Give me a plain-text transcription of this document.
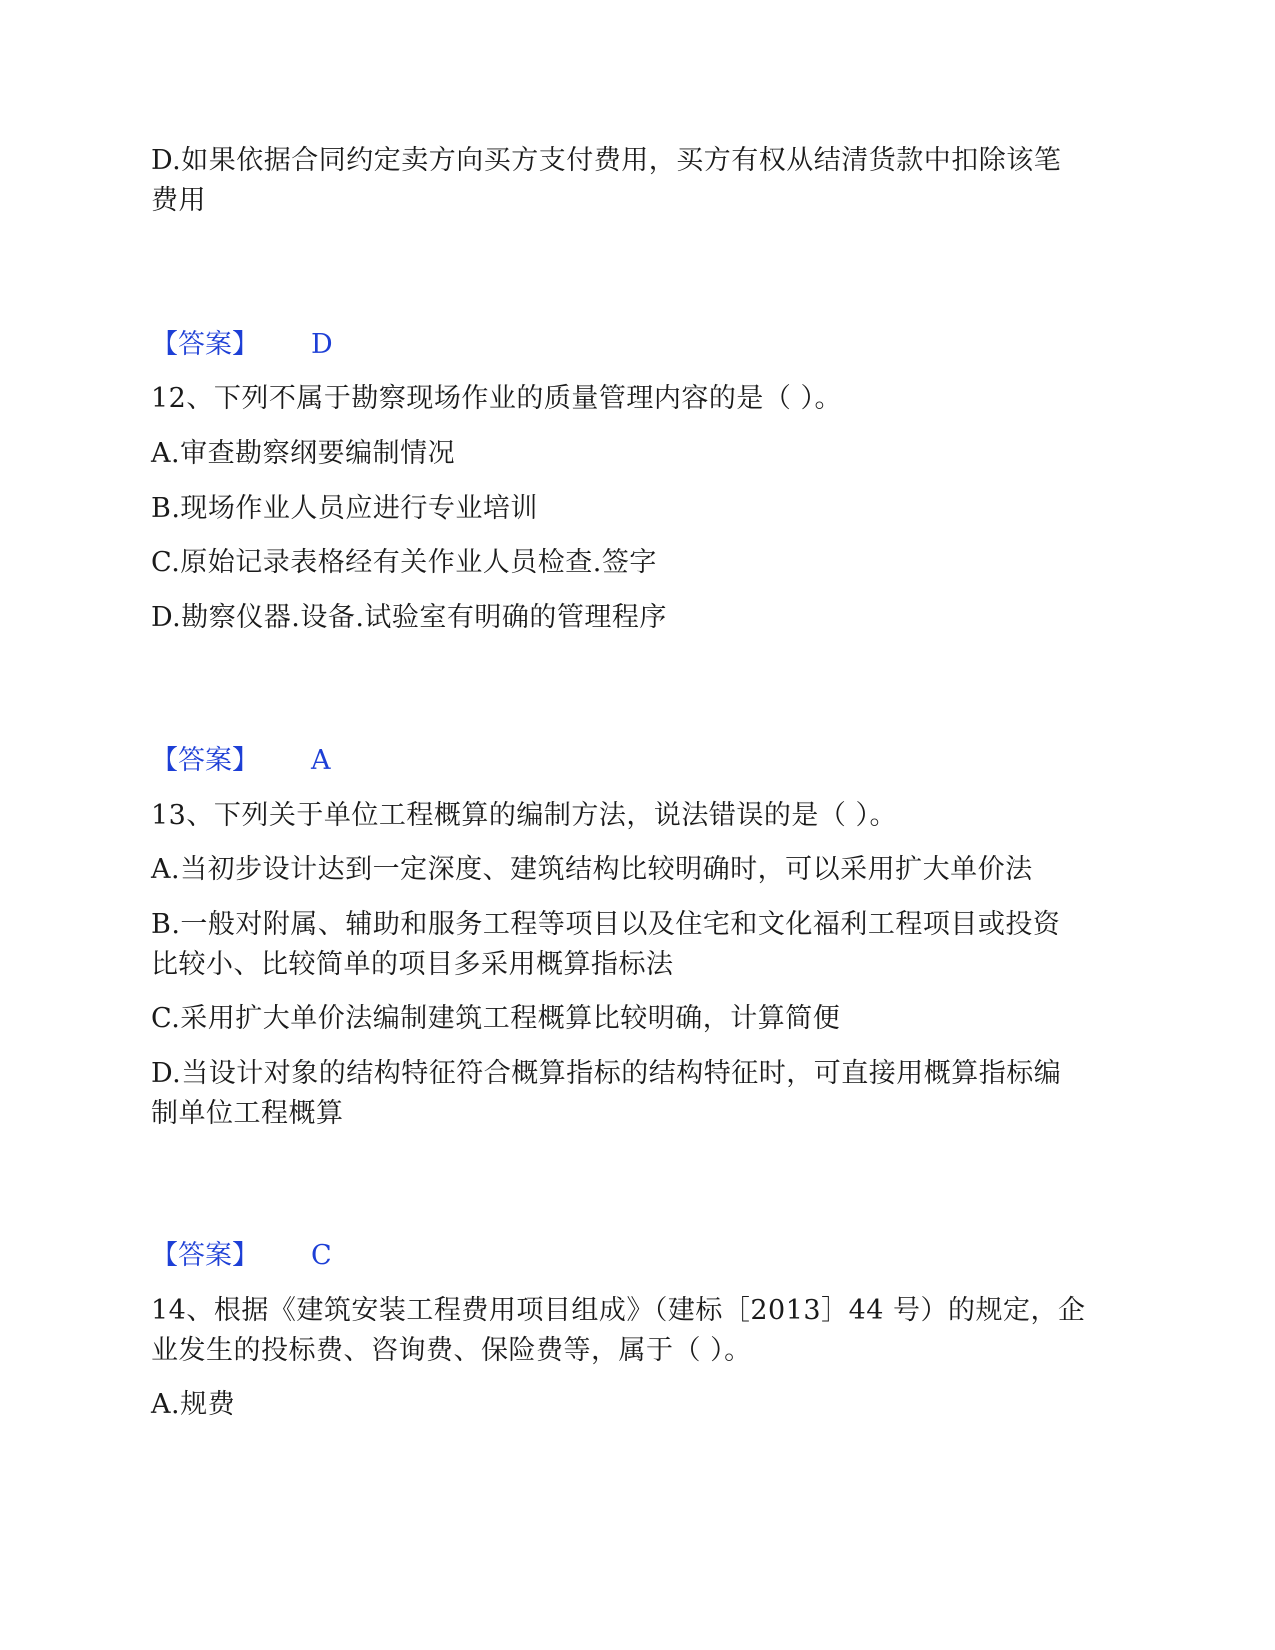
D.如果依据合同约定卖方向买方支付费用，买方有权从结清货款中扣除该笔
费用
【答案】 D
12、下列不属于勘察现场作业的质量管理内容的是（ ）。
A.审查勘察纲要编制情况
B.现场作业人员应进行专业培训
C.原始记录表格经有关作业人员检查.签字
D.勘察仪器.设备.试验室有明确的管理程序
【答案】 A
13、下列关于单位工程概算的编制方法，说法错误的是（ ）。
A.当初步设计达到一定深度、建筑结构比较明确时，可以采用扩大单价法
B.一般对附属、辅助和服务工程等项目以及住宅和文化福利工程项目或投资
比较小、比较简单的项目多采用概算指标法
C.采用扩大单价法编制建筑工程概算比较明确，计算简便
D.当设计对象的结构特征符合概算指标的结构特征时，可直接用概算指标编
制单位工程概算
【答案】 C
14、根据《建筑安装工程费用项目组成》（建标［2013］44 号）的规定，企
业发生的投标费、咨询费、保险费等，属于（ ）。
A.规费
